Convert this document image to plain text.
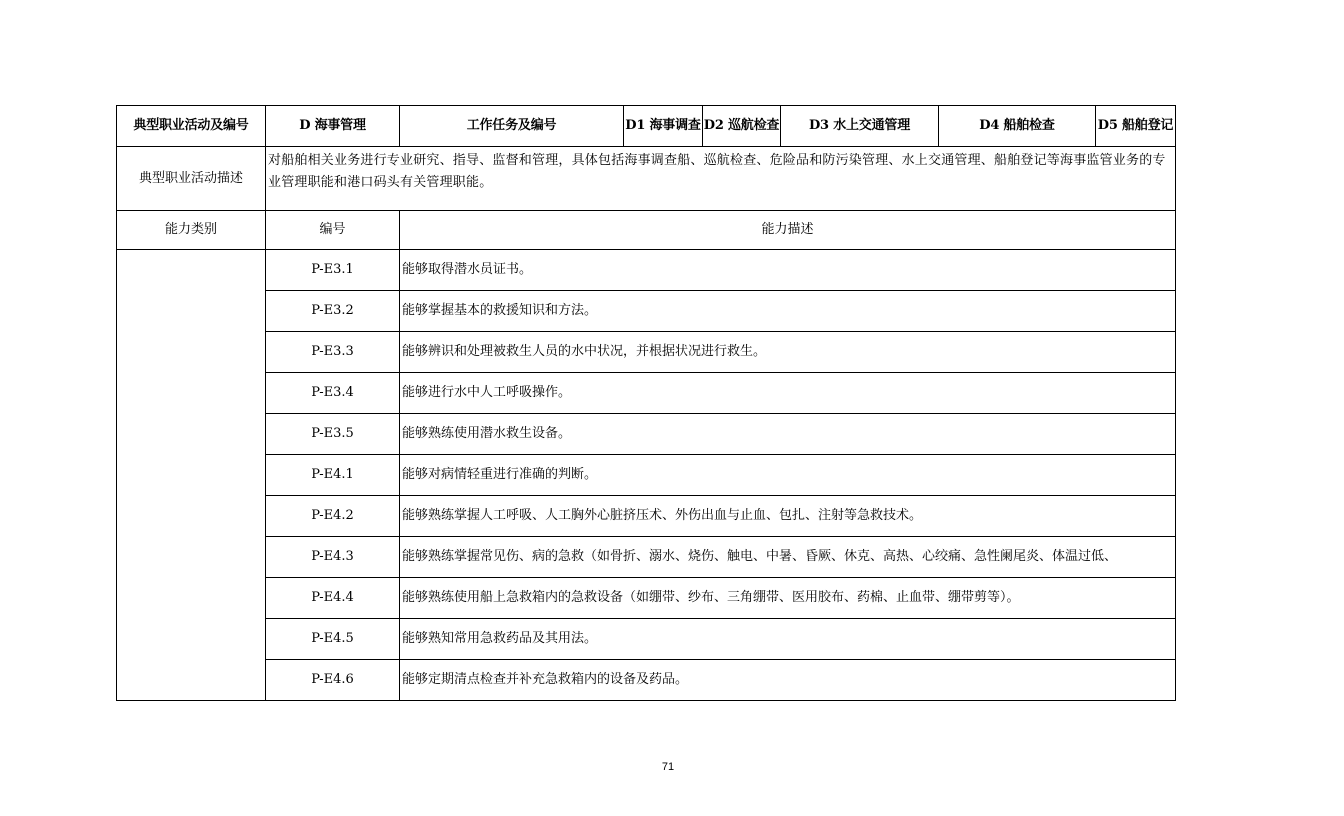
典型职业活动及编号	D 海事管理	工作任务及编号	D1 海事调查	D2 巡航检查	D3 水上交通管理	D4 船舶检查	D5 船舶登记
典型职业活动描述	对船舶相关业务进行专业研究、指导、监督和管理，具体包括海事调查船、巡航检查、危险品和防污染管理、水上交通管理、船舶登记等海事监管业务的专业管理职能和港口码头有关管理职能。						
能力类别	编号	能力描述					
	P-E3.1	能够取得潜水员证书。					
	P-E3.2	能够掌握基本的救援知识和方法。					
	P-E3.3	能够辨识和处理被救生人员的水中状况，并根据状况进行救生。					
	P-E3.4	能够进行水中人工呼吸操作。					
	P-E3.5	能够熟练使用潜水救生设备。					
	P-E4.1	能够对病情轻重进行准确的判断。					
	P-E4.2	能够熟练掌握人工呼吸、人工胸外心脏挤压术、外伤出血与止血、包扎、注射等急救技术。					
	P-E4.3	能够熟练掌握常见伤、病的急救（如骨折、溺水、烧伤、触电、中暑、昏厥、休克、高热、心绞痛、急性阑尾炎、体温过低、					
	P-E4.4	能够熟练使用船上急救箱内的急救设备（如绷带、纱布、三角绷带、医用胶布、药棉、止血带、绷带剪等）。					
	P-E4.5	能够熟知常用急救药品及其用法。					
	P-E4.6	能够定期清点检查并补充急救箱内的设备及药品。					
71
